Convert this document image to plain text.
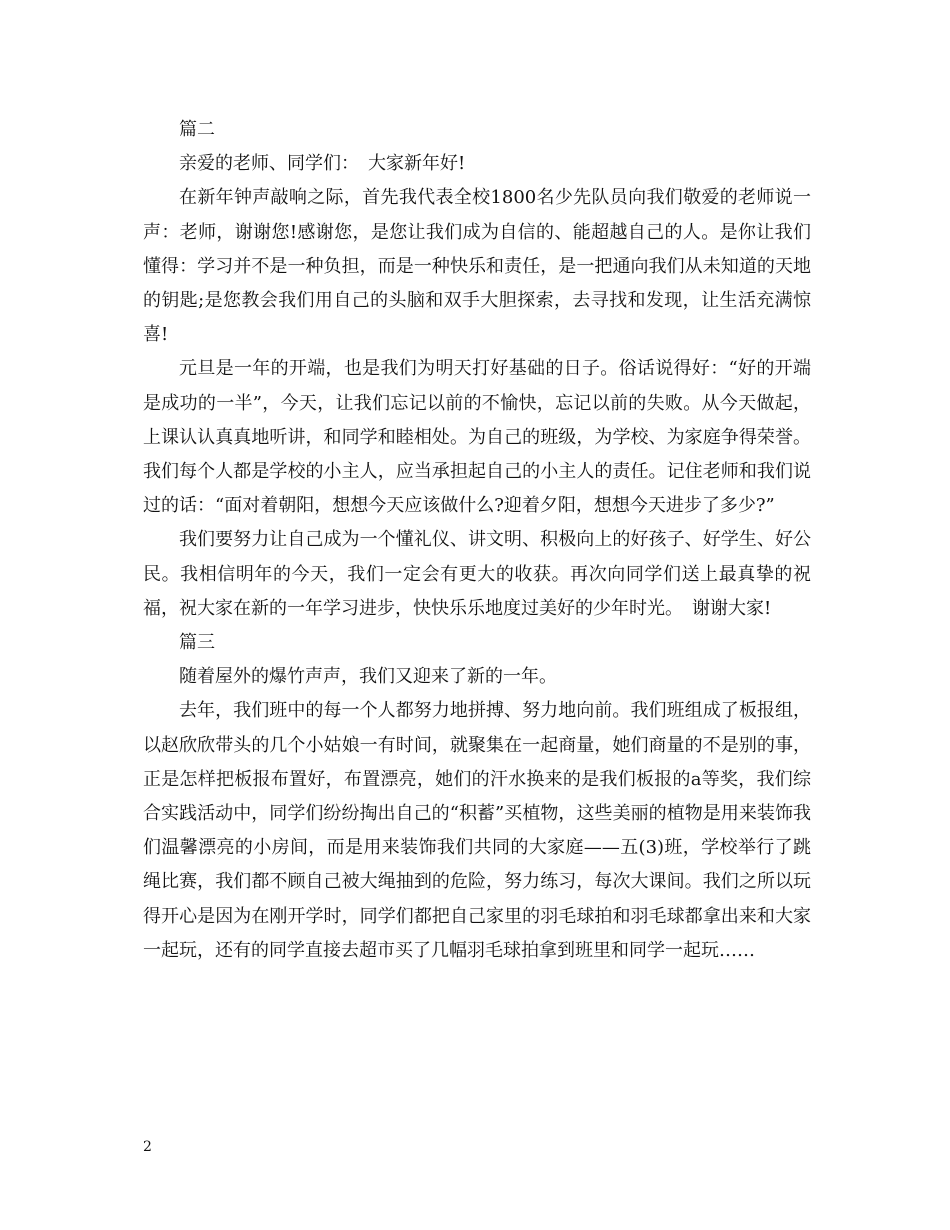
篇二

亲爱的老师、同学们：　大家新年好!

在新年钟声敲响之际，首先我代表全校1800名少先队员向我们敬爱的老师说一声：老师，谢谢您!感谢您，是您让我们成为自信的、能超越自己的人。是你让我们懂得：学习并不是一种负担，而是一种快乐和责任，是一把通向我们从未知道的天地的钥匙;是您教会我们用自己的头脑和双手大胆探索，去寻找和发现，让生活充满惊喜!

元旦是一年的开端，也是我们为明天打好基础的日子。俗话说得好：“好的开端是成功的一半”，今天，让我们忘记以前的不愉快，忘记以前的失败。从今天做起，上课认认真真地听讲，和同学和睦相处。为自己的班级，为学校、为家庭争得荣誉。我们每个人都是学校的小主人，应当承担起自己的小主人的责任。记住老师和我们说过的话：“面对着朝阳，想想今天应该做什么?迎着夕阳，想想今天进步了多少?”

我们要努力让自己成为一个懂礼仪、讲文明、积极向上的好孩子、好学生、好公民。我相信明年的今天，我们一定会有更大的收获。再次向同学们送上最真挚的祝福，祝大家在新的一年学习进步，快快乐乐地度过美好的少年时光。　谢谢大家!

篇三

随着屋外的爆竹声声，我们又迎来了新的一年。

去年，我们班中的每一个人都努力地拼搏、努力地向前。我们班组成了板报组，以赵欣欣带头的几个小姑娘一有时间，就聚集在一起商量，她们商量的不是别的事，正是怎样把板报布置好，布置漂亮，她们的汗水换来的是我们板报的a等奖，我们综合实践活动中，同学们纷纷掏出自己的“积蓄”买植物，这些美丽的植物是用来装饰我们温馨漂亮的小房间，而是用来装饰我们共同的大家庭——五(3)班，学校举行了跳绳比赛，我们都不顾自己被大绳抽到的危险，努力练习，每次大课间。我们之所以玩得开心是因为在刚开学时，同学们都把自己家里的羽毛球拍和羽毛球都拿出来和大家一起玩，还有的同学直接去超市买了几幅羽毛球拍拿到班里和同学一起玩……

2
